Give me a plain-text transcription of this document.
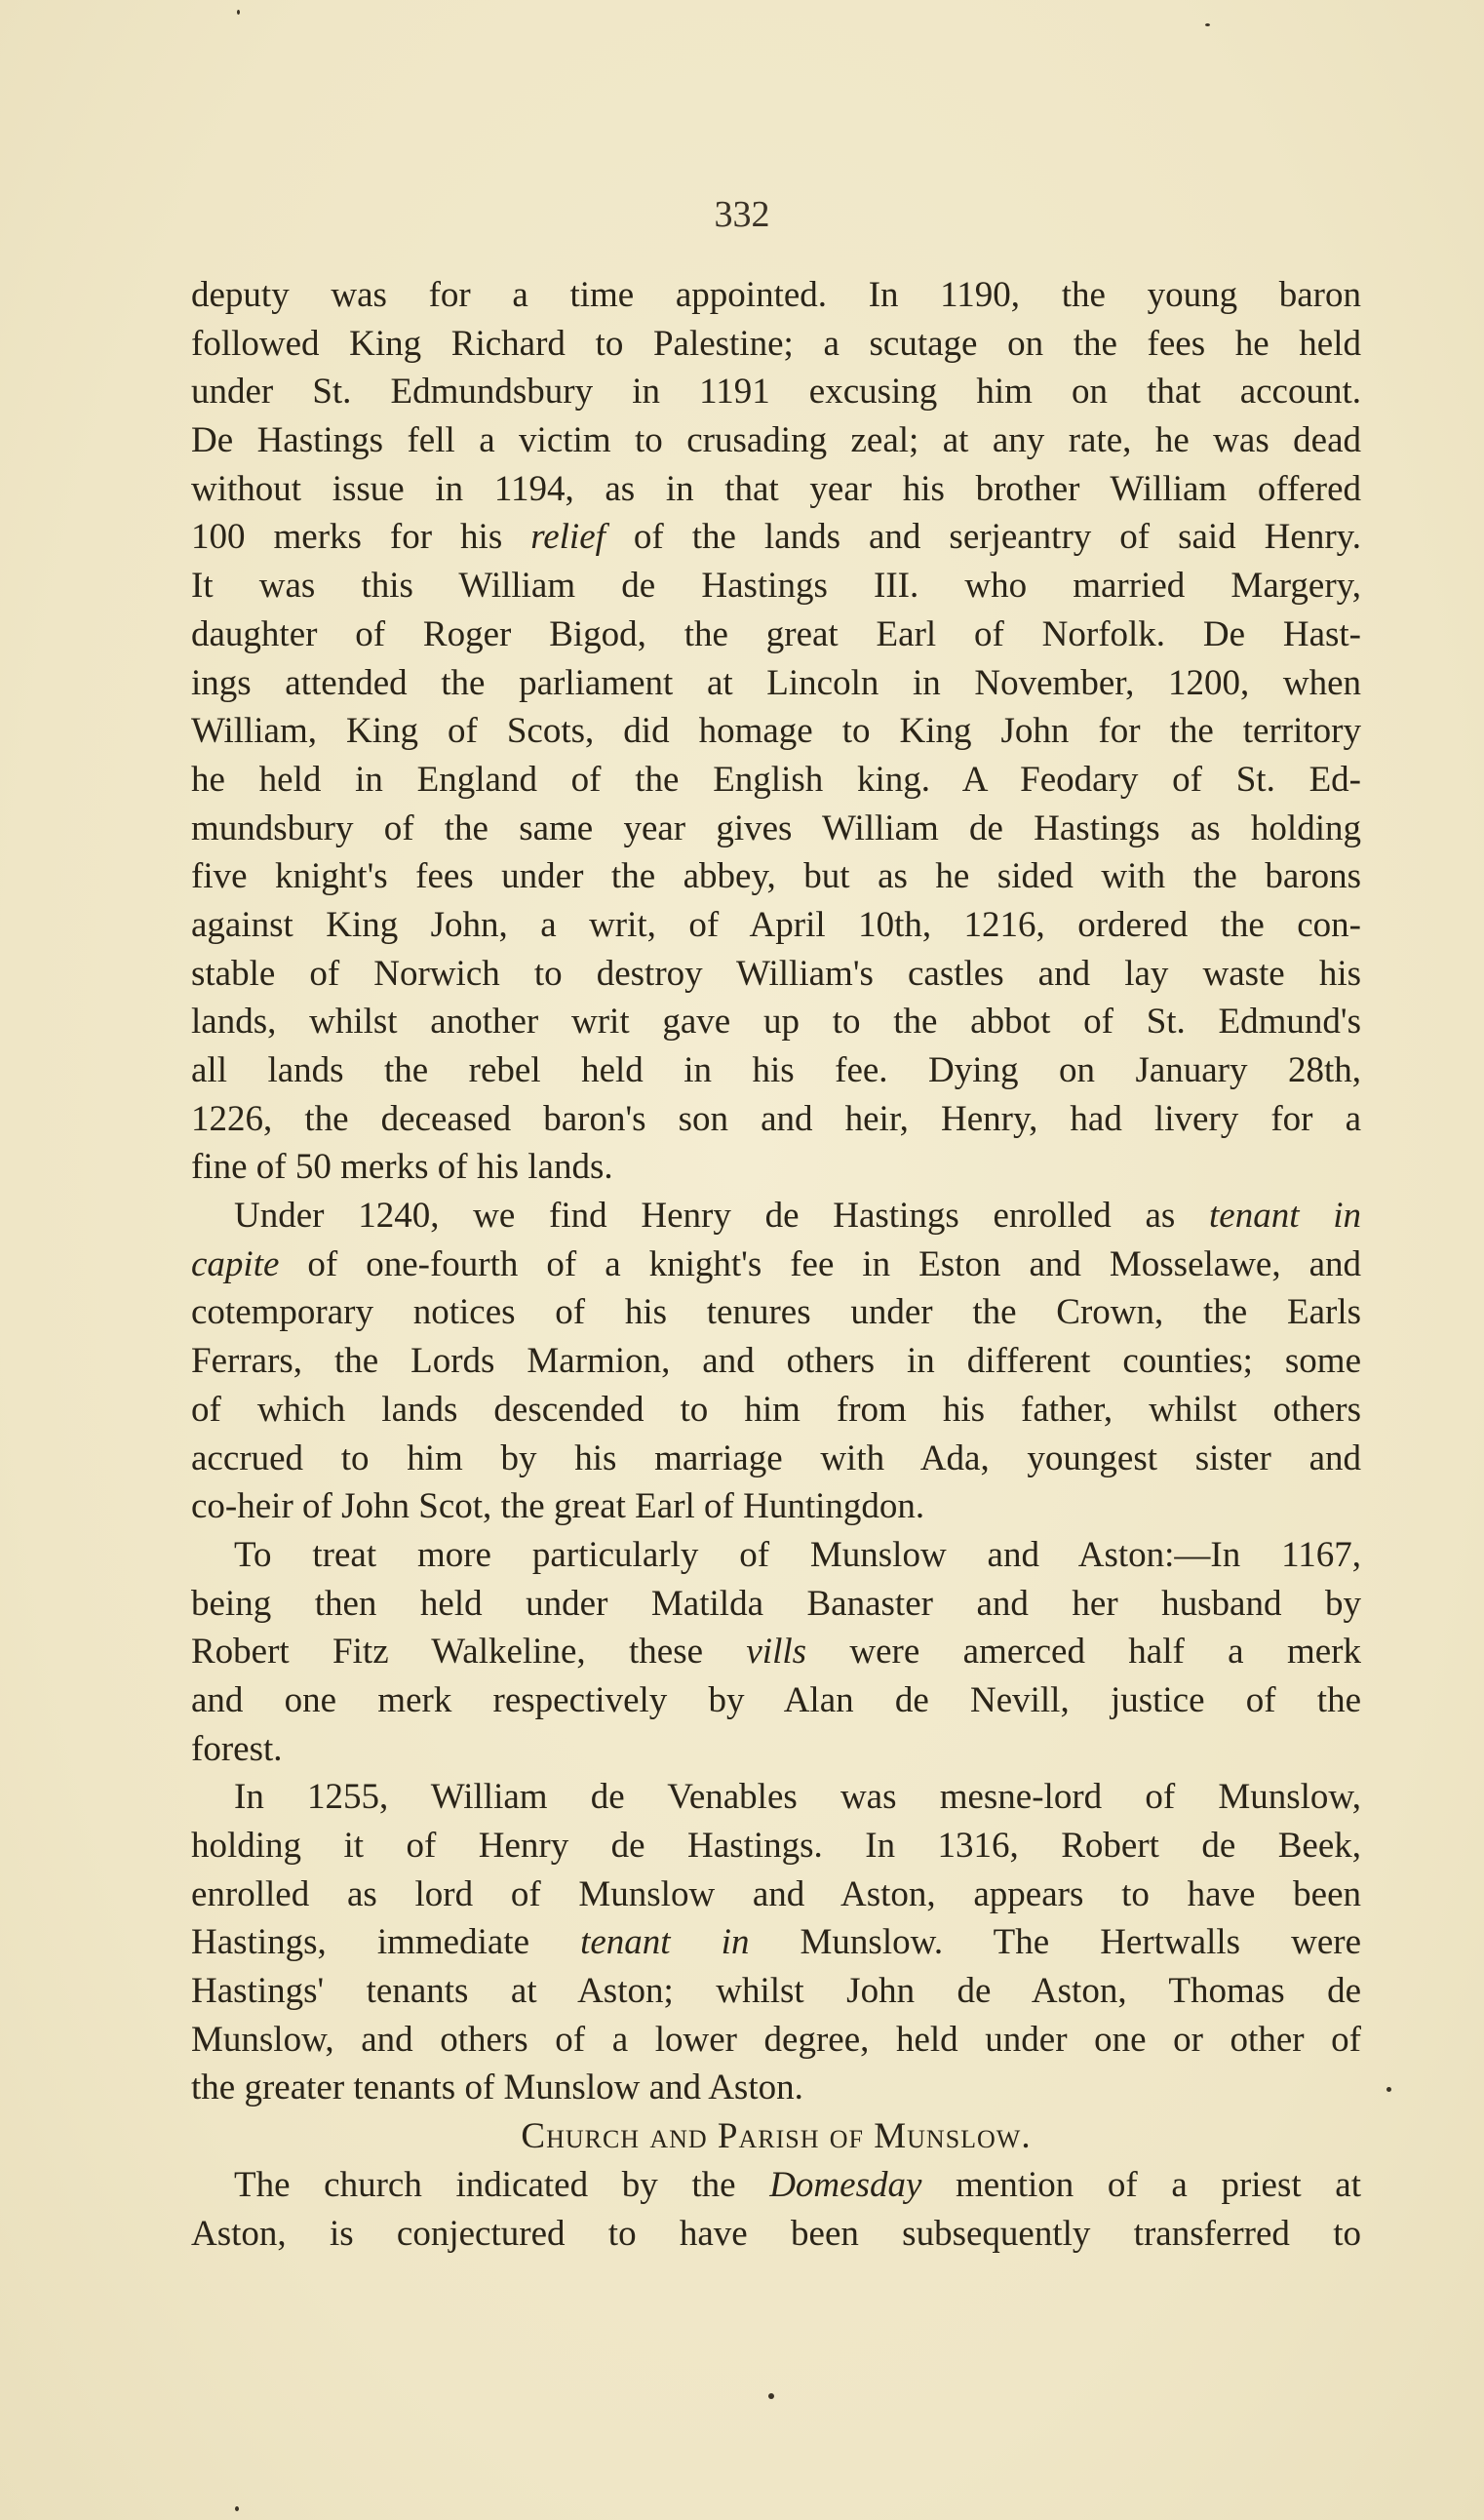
332
deputy was for a time appointed. In 1190, the young baron
followed King Richard to Palestine; a scutage on the fees he held
under St. Edmundsbury in 1191 excusing him on that account.
De Hastings fell a victim to crusading zeal; at any rate, he was dead
without issue in 1194, as in that year his brother William offered
100 merks for his relief of the lands and serjeantry of said Henry.
It was this William de Hastings III. who married Margery,
daughter of Roger Bigod, the great Earl of Norfolk. De Hast-
ings attended the parliament at Lincoln in November, 1200, when
William, King of Scots, did homage to King John for the territory
he held in England of the English king. A Feodary of St. Ed-
mundsbury of the same year gives William de Hastings as holding
five knight's fees under the abbey, but as he sided with the barons
against King John, a writ, of April 10th, 1216, ordered the con-
stable of Norwich to destroy William's castles and lay waste his
lands, whilst another writ gave up to the abbot of St. Edmund's
all lands the rebel held in his fee. Dying on January 28th,
1226, the deceased baron's son and heir, Henry, had livery for a
fine of 50 merks of his lands.
Under 1240, we find Henry de Hastings enrolled as tenant in
capite of one-fourth of a knight's fee in Eston and Mosselawe, and
cotemporary notices of his tenures under the Crown, the Earls
Ferrars, the Lords Marmion, and others in different counties; some
of which lands descended to him from his father, whilst others
accrued to him by his marriage with Ada, youngest sister and
co-heir of John Scot, the great Earl of Huntingdon.
To treat more particularly of Munslow and Aston:—In 1167,
being then held under Matilda Banaster and her husband by
Robert Fitz Walkeline, these vills were amerced half a merk
and one merk respectively by Alan de Nevill, justice of the
forest.
In 1255, William de Venables was mesne-lord of Munslow,
holding it of Henry de Hastings. In 1316, Robert de Beek,
enrolled as lord of Munslow and Aston, appears to have been
Hastings, immediate tenant in Munslow. The Hertwalls were
Hastings' tenants at Aston; whilst John de Aston, Thomas de
Munslow, and others of a lower degree, held under one or other of
the greater tenants of Munslow and Aston.
Church and Parish of Munslow.
The church indicated by the Domesday mention of a priest at
Aston, is conjectured to have been subsequently transferred to
